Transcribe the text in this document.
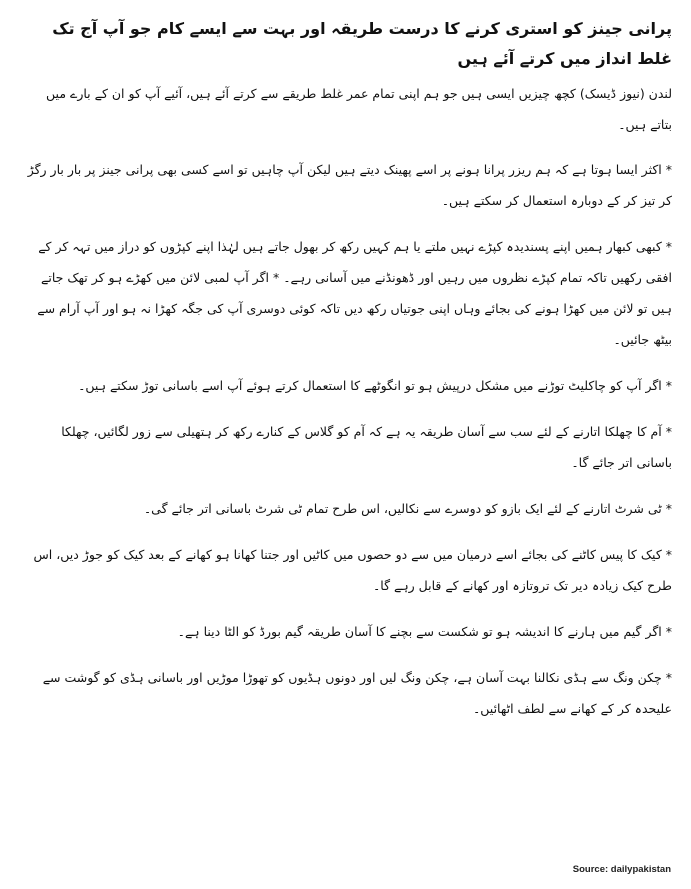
پرانی جینز کو استری کرنے کا درست طریقہ اور بہت سے ایسے کام جو آپ آج تک غلط انداز میں کرتے آئے ہیں
لندن (نیوز ڈیسک) کچھ چیزیں ایسی ہیں جو ہم اپنی تمام عمر غلط طریقے سے کرتے آئے ہیں، آئیے آپ کو ان کے بارے میں بتاتے ہیں۔
* اکثر ایسا ہوتا ہے کہ ہم ریزر پرانا ہونے پر اسے پھینک دیتے ہیں لیکن آپ چاہیں تو اسے کسی بھی پرانی جینز پر بار بار رگڑ کر تیز کر کے دوبارہ استعمال کر سکتے ہیں۔
* کبھی کبھار ہمیں اپنے پسندیدہ کپڑے نہیں ملتے یا ہم کہیں رکھ کر بھول جاتے ہیں لہٰذا اپنے کپڑوں کو دراز میں تہہ کر کے افقی رکھیں تاکہ تمام کپڑے نظروں میں رہیں اور ڈھونڈنے میں آسانی رہے۔ * اگر آپ لمبی لائن میں کھڑے ہو کر تھک جاتے ہیں تو لائن میں کھڑا ہونے کی بجائے وہاں اپنی جوتیاں رکھ دیں تاکہ کوئی دوسری آپ کی جگہ کھڑا نہ ہو اور آپ آرام سے بیٹھ جائیں۔
* اگر آپ کو چاکلیٹ توڑنے میں مشکل درپیش ہو تو انگوٹھے کا استعمال کرتے ہوئے آپ اسے باسانی توڑ سکتے ہیں۔
* آم کا چھلکا اتارنے کے لئے سب سے آسان طریقہ یہ ہے کہ آم کو گلاس کے کنارے رکھ کر ہتھیلی سے زور لگائیں، چھلکا باسانی اتر جائے گا۔
* ٹی شرٹ اتارنے کے لئے ایک بازو کو دوسرے سے نکالیں، اس طرح تمام ٹی شرٹ باسانی اتر جائے گی۔
* کیک کا پیس کاٹنے کی بجائے اسے درمیان میں سے دو حصوں میں کاٹیں اور جتنا کھانا ہو کھانے کے بعد کیک کو جوڑ دیں، اس طرح کیک زیادہ دیر تک تروتازہ اور کھانے کے قابل رہے گا۔
* اگر گیم میں ہارنے کا اندیشہ ہو تو شکست سے بچنے کا آسان طریقہ گیم بورڈ کو الٹا دینا ہے۔
* چکن ونگ سے ہڈی نکالنا بہت آسان ہے، چکن ونگ لیں اور دونوں ہڈیوں کو تھوڑا موڑیں اور باسانی ہڈی کو گوشت سے علیحدہ کر کے کھانے سے لطف اٹھائیں۔
Source: dailypakistan
